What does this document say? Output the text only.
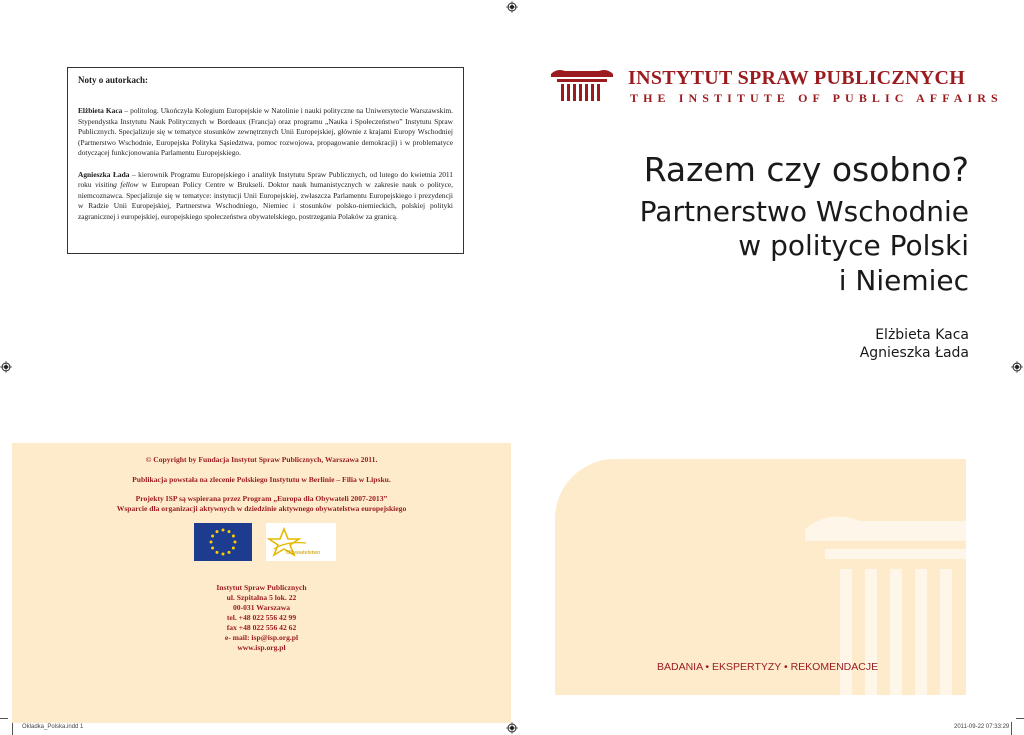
Noty o autorkach:

Elżbieta Kaca – politolog. Ukończyła Kolegium Europejskie w Natolinie i nauki polityczne na Uniwersytecie Warszawskim. Stypendystka Instytutu Nauk Politycznych w Bordeaux (Francja) oraz programu „Nauka i Społeczeństwo” Instytutu Spraw Publicznych. Specjalizuje się w tematyce stosunków zewnętrznych Unii Europejskiej, głównie z krajami Europy Wschodniej (Partnerstwo Wschodnie, Europejska Polityka Sąsiedztwa, pomoc rozwojowa, propagowanie demokracji) i w problematyce dotyczącej funkcjonowania Parlamentu Europejskiego.

Agnieszka Łada – kierownik Programu Europejskiego i analityk Instytutu Spraw Publicznych, od lutego do kwietnia 2011 roku visiting fellow w European Policy Centre w Brukseli. Doktor nauk humanistycznych w zakresie nauk o polityce, niemcoznawca. Specjalizuje się w tematyce: instytucji Unii Europejskiej, zwłaszcza Parlamentu Europejskiego i prezydencji w Radzie Unii Europejskiej, Partnerstwa Wschodniego, Niemiec i stosunków polsko-niemieckich, polskiej polityki zagranicznej i europejskiej, europejskiego społeczeństwa obywatelskiego, postrzegania Polaków za granicą.

© Copyright by Fundacja Instytut Spraw Publicznych, Warszawa 2011.
Publikacja powstała na zlecenie Polskiego Instytutu w Berlinie – Filia w Lipsku.
Projekty ISP są wspierana przez Program „Europa dla Obywateli 2007-2013”
Wsparcie dla organizacji aktywnych w dziedzinie aktywnego obywatelstwa europejskiego
Obywatelstwo
Instytut Spraw Publicznych
ul. Szpitalna 5 lok. 22
00-031 Warszawa
tel. +48 022 556 42 99
fax +48 022 556 42 62
e- mail: isp@isp.org.pl
www.isp.org.pl
INSTYTUT SPRAW PUBLICZNYCH
THE INSTITUTE OF PUBLIC AFFAIRS
Razem czy osobno?
Partnerstwo Wschodnie
w polityce Polski
i Niemiec
Elżbieta Kaca
Agnieszka Łada
BADANIA • EKSPERTYZY • REKOMENDACJE
Okladka_Polska.indd 1	2011-09-22 07:33:29
